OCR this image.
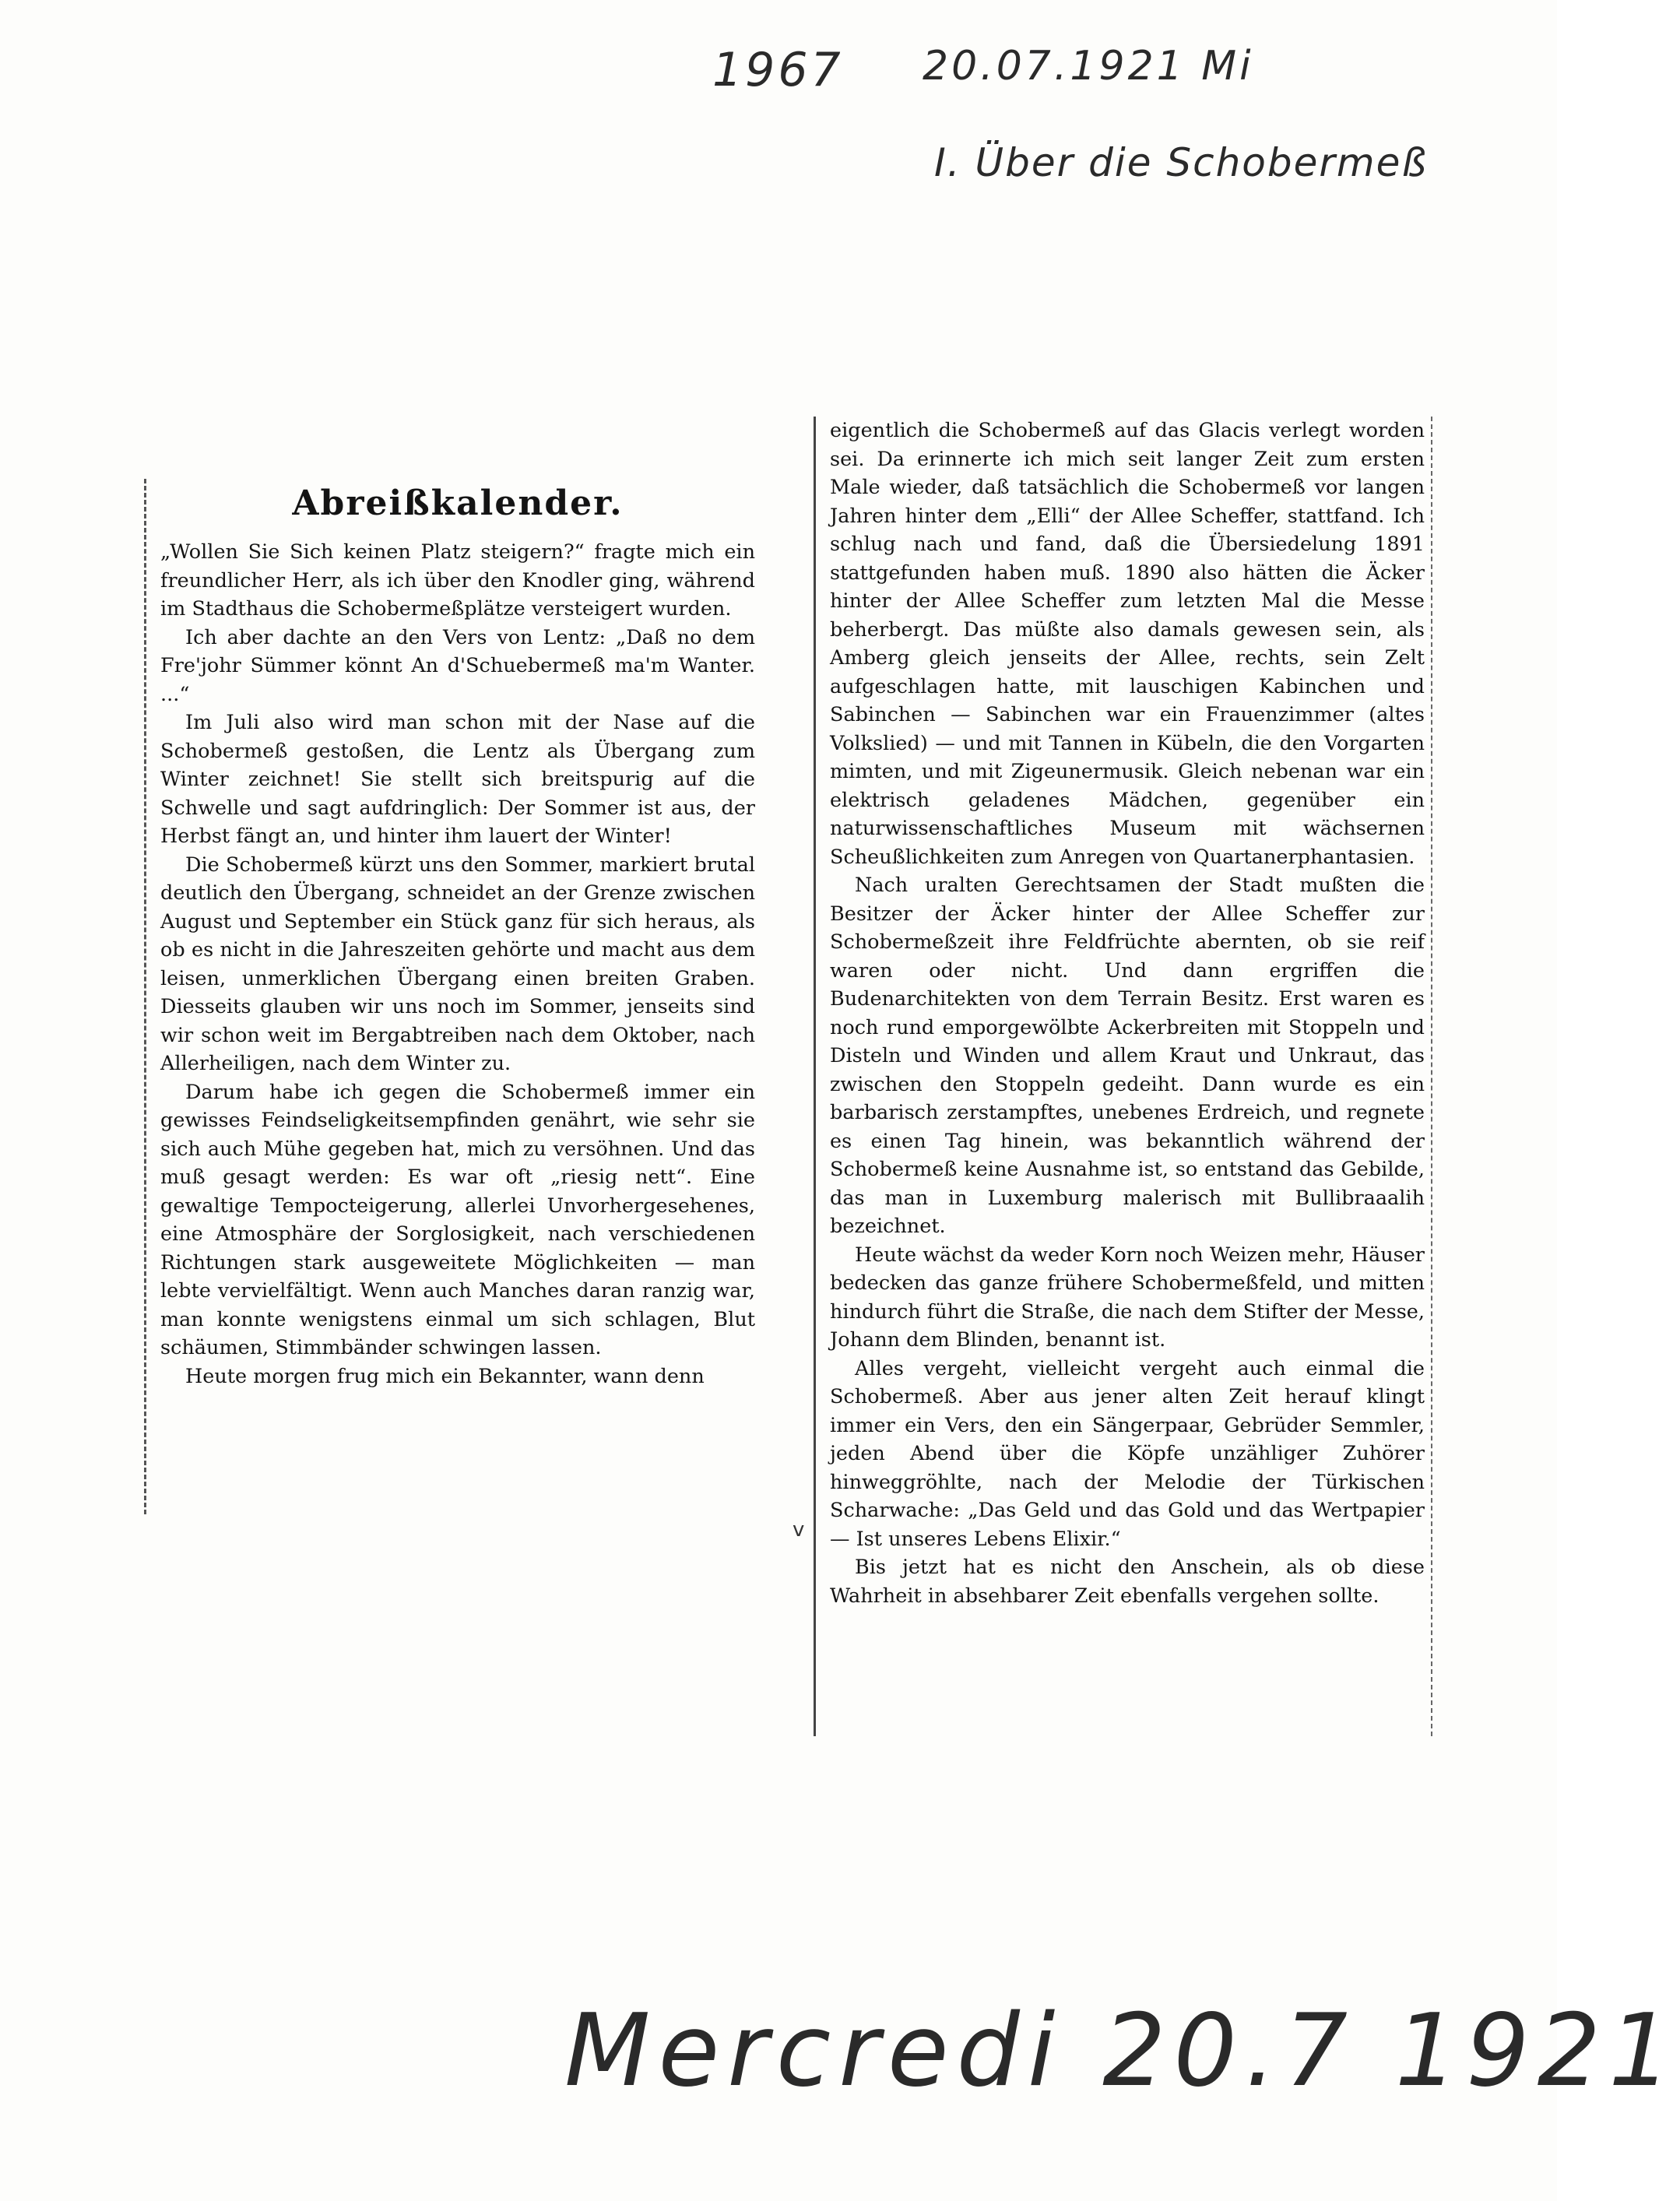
1967 20.07.1921 Mi
I. Über die Schobermeß
Abreißkalender.

„Wollen Sie Sich keinen Platz steigern?“ fragte mich ein freundlicher Herr, als ich über den Knodler ging, während im Stadthaus die Schobermeßplätze versteigert wurden.

Ich aber dachte an den Vers von Lentz: „Daß no dem Fre'johr Sümmer könnt An d'Schuebermeß ma'm Wanter. ...“

Im Juli also wird man schon mit der Nase auf die Schobermeß gestoßen, die Lentz als Übergang zum Winter zeichnet! Sie stellt sich breitspurig auf die Schwelle und sagt aufdringlich: Der Sommer ist aus, der Herbst fängt an, und hinter ihm lauert der Winter!

Die Schobermeß kürzt uns den Sommer, markiert brutal deutlich den Übergang, schneidet an der Grenze zwischen August und September ein Stück ganz für sich heraus, als ob es nicht in die Jahreszeiten gehörte und macht aus dem leisen, unmerklichen Übergang einen breiten Graben. Diesseits glauben wir uns noch im Sommer, jenseits sind wir schon weit im Bergabtreiben nach dem Oktober, nach Allerheiligen, nach dem Winter zu.

Darum habe ich gegen die Schobermeß immer ein gewisses Feindseligkeitsempfinden genährt, wie sehr sie sich auch Mühe gegeben hat, mich zu versöhnen. Und das muß gesagt werden: Es war oft „riesig nett“. Eine gewaltige Tempoсteigerung, allerlei Unvorhergesehenes, eine Atmosphäre der Sorglosigkeit, nach verschiedenen Richtungen stark ausgeweitete Möglichkeiten — man lebte vervielfältigt. Wenn auch Manches daran ranzig war, man konnte wenigstens einmal um sich schlagen, Blut schäumen, Stimmbänder schwingen lassen.

Heute morgen frug mich ein Bekannter, wann denn

eigentlich die Schobermeß auf das Glacis verlegt worden sei. Da erinnerte ich mich seit langer Zeit zum ersten Male wieder, daß tatsächlich die Schobermeß vor langen Jahren hinter dem „Elli“ der Allee Scheffer, stattfand. Ich schlug nach und fand, daß die Übersiedelung 1891 stattgefunden haben muß. 1890 also hätten die Äcker hinter der Allee Scheffer zum letzten Mal die Messe beherbergt. Das müßte also damals gewesen sein, als Amberg gleich jenseits der Allee, rechts, sein Zelt aufgeschlagen hatte, mit lauschigen Kabinchen und Sabinchen — Sabinchen war ein Frauenzimmer (altes Volkslied) — und mit Tannen in Kübeln, die den Vorgarten mimten, und mit Zigeunermusik. Gleich nebenan war ein elektrisch geladenes Mädchen, gegenüber ein naturwissenschaftliches Museum mit wächsernen Scheußlichkeiten zum Anregen von Quartanerphantasien.

Nach uralten Gerechtsamen der Stadt mußten die Besitzer der Äcker hinter der Allee Scheffer zur Schobermeßzeit ihre Feldfrüchte abernten, ob sie reif waren oder nicht. Und dann ergriffen die Budenarchitekten von dem Terrain Besitz. Erst waren es noch rund emporgewölbte Ackerbreiten mit Stoppeln und Disteln und Winden und allem Kraut und Unkraut, das zwischen den Stoppeln gedeiht. Dann wurde es ein barbarisch zerstampftes, unebenes Erdreich, und regnete es einen Tag hinein, was bekanntlich während der Schobermeß keine Ausnahme ist, so entstand das Gebilde, das man in Luxemburg malerisch mit Bullibraaalih bezeichnet.

Heute wächst da weder Korn noch Weizen mehr, Häuser bedecken das ganze frühere Schobermeßfeld, und mitten hindurch führt die Straße, die nach dem Stifter der Messe, Johann dem Blinden, benannt ist.

Alles vergeht, vielleicht vergeht auch einmal die Schobermeß. Aber aus jener alten Zeit herauf klingt immer ein Vers, den ein Sängerpaar, Gebrüder Semmler, jeden Abend über die Köpfe unzähliger Zuhörer hinweggröhlte, nach der Melodie der Türkischen Scharwache: „Das Geld und das Gold und das Wertpapier — Ist unseres Lebens Elixir.“

Bis jetzt hat es nicht den Anschein, als ob diese Wahrheit in absehbarer Zeit ebenfalls vergehen sollte.

v
Mercredi 20.7 1921
